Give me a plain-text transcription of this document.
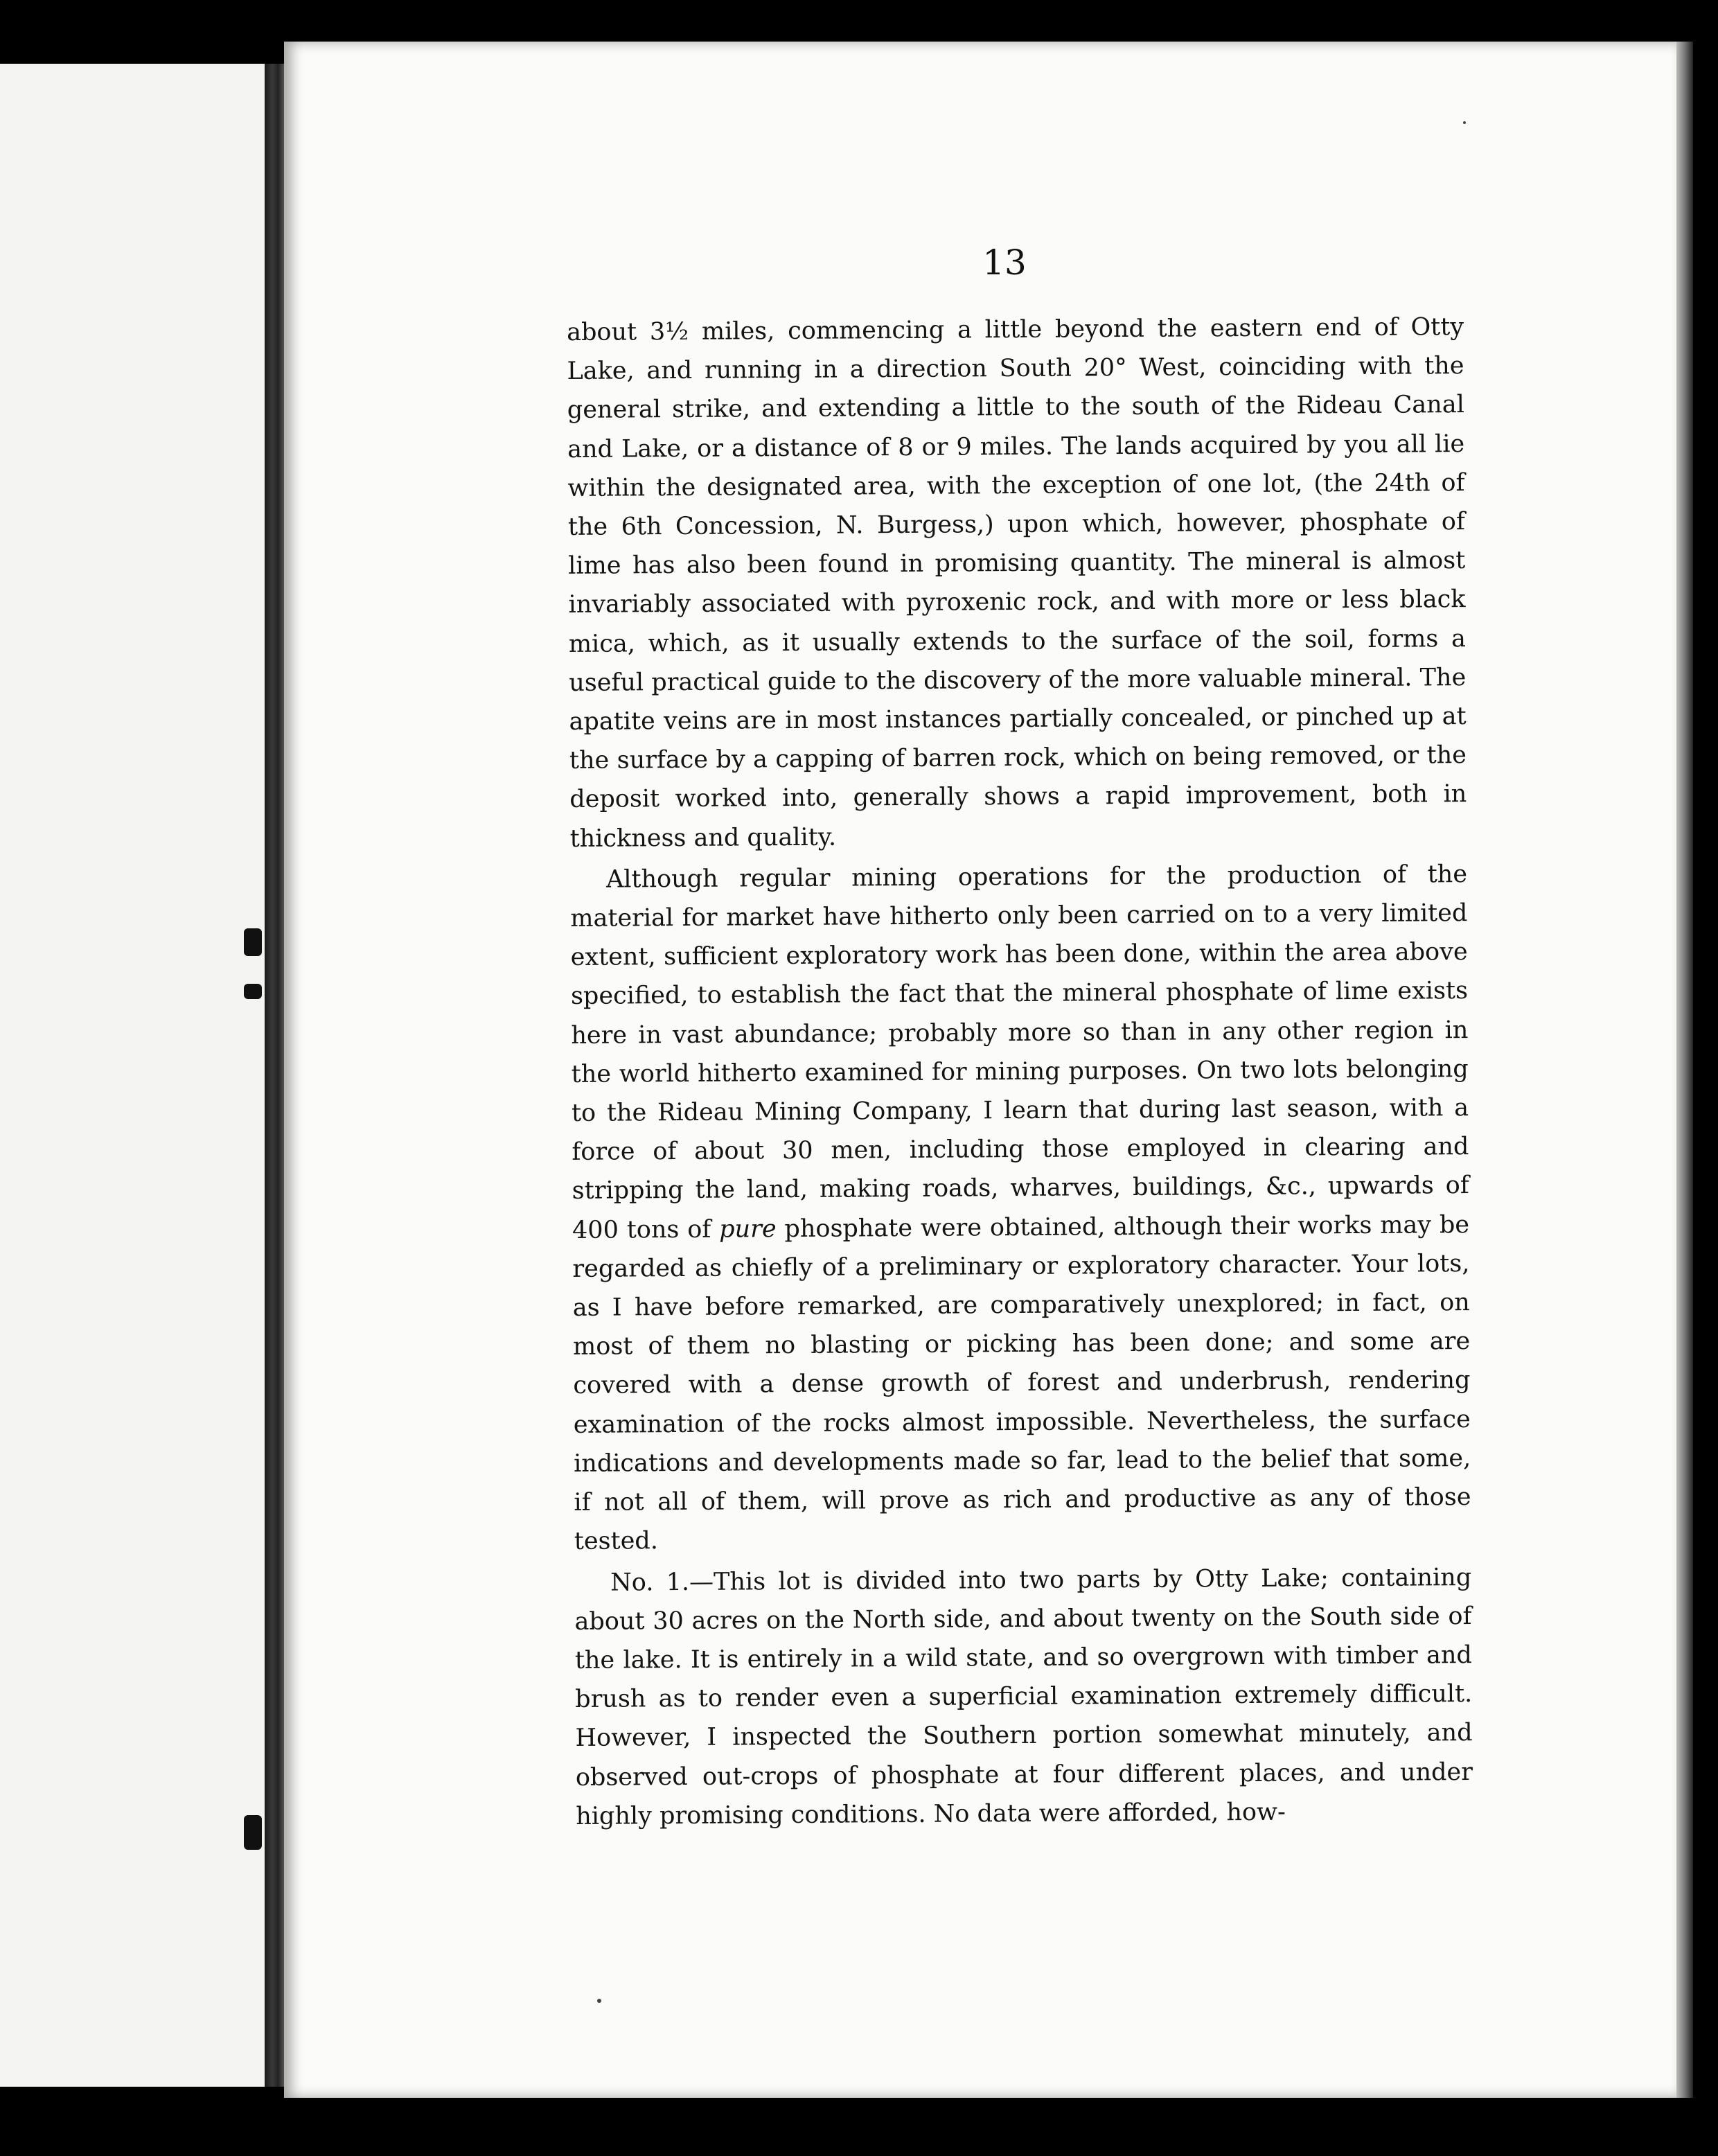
13

about 3½ miles, commencing a little beyond the eastern end of Otty Lake, and running in a direction South 20° West, coinciding with the general strike, and extending a little to the south of the Rideau Canal and Lake, or a distance of 8 or 9 miles. The lands acquired by you all lie within the designated area, with the exception of one lot, (the 24th of the 6th Concession, N. Burgess,) upon which, however, phosphate of lime has also been found in promising quantity. The mineral is almost invariably associated with pyroxenic rock, and with more or less black mica, which, as it usually extends to the surface of the soil, forms a useful practical guide to the discovery of the more valuable mineral. The apatite veins are in most instances partially concealed, or pinched up at the surface by a capping of barren rock, which on being removed, or the deposit worked into, generally shows a rapid improvement, both in thickness and quality.

Although regular mining operations for the production of the material for market have hitherto only been carried on to a very limited extent, sufficient exploratory work has been done, within the area above specified, to establish the fact that the mineral phosphate of lime exists here in vast abundance; probably more so than in any other region in the world hitherto examined for mining purposes. On two lots belonging to the Rideau Mining Company, I learn that during last season, with a force of about 30 men, including those employed in clearing and stripping the land, making roads, wharves, buildings, &c., upwards of 400 tons of pure phosphate were obtained, although their works may be regarded as chiefly of a preliminary or exploratory character. Your lots, as I have before remarked, are comparatively unexplored; in fact, on most of them no blasting or picking has been done; and some are covered with a dense growth of forest and underbrush, rendering examination of the rocks almost impossible. Nevertheless, the surface indications and developments made so far, lead to the belief that some, if not all of them, will prove as rich and productive as any of those tested.

No. 1.—This lot is divided into two parts by Otty Lake; containing about 30 acres on the North side, and about twenty on the South side of the lake. It is entirely in a wild state, and so overgrown with timber and brush as to render even a superficial examination extremely difficult. However, I inspected the Southern portion somewhat minutely, and observed out-crops of phosphate at four different places, and under highly promising conditions. No data were afforded, how-
